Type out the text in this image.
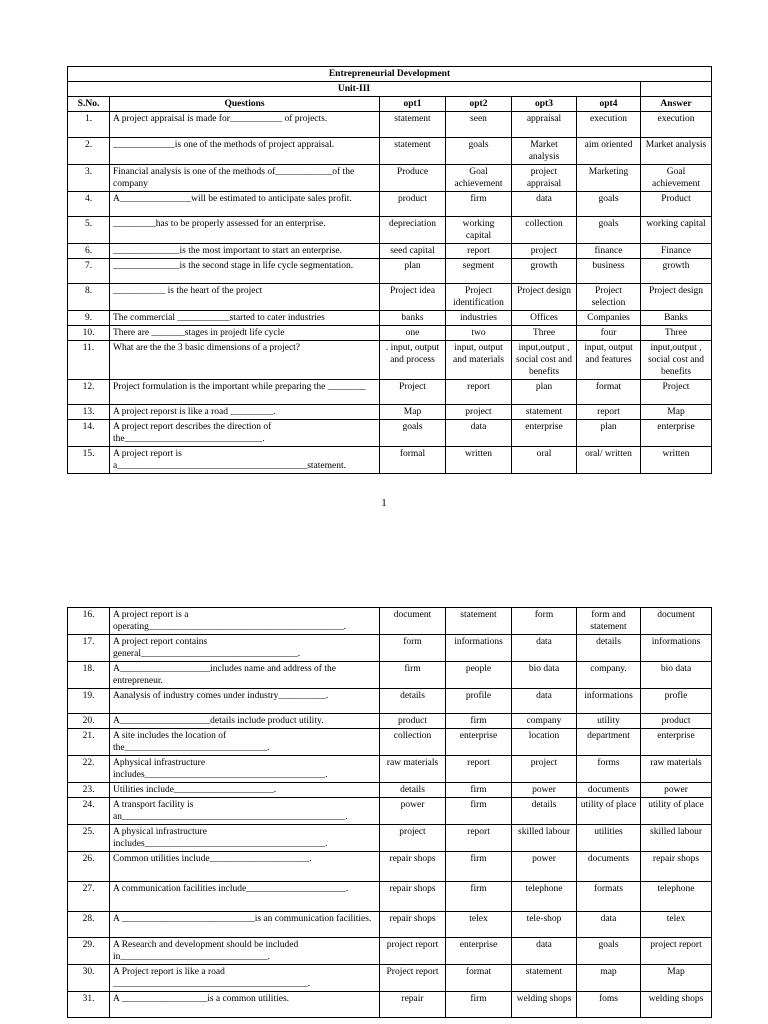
Entrepreneurial Development						
Unit-III						
S.No.	Questions	opt1	opt2	opt3	opt4	Answer
1.	A project appraisal is made for___________ of projects.	statement	seen	appraisal	execution	execution
2.	_____________is one of the methods of project appraisal.	statement	goals	Market analysis	aim oriented	Market analysis
3.	Financial analysis is one of the methods of____________of the company	Produce	Goal achievement	project appraisal	Marketing	Goal achievement
4.	A_______________will be estimated to anticipate sales profit.	product	firm	data	goals	Product
5.	_________has to be properly assessed for an enterprise.	depreciation	working capital	collection	goals	working capital
6.	______________is the most important to start an enterprise.	seed capital	report	project	finance	Finance
7.	______________is the second stage in life cycle segmentation.	plan	segment	growth	business	growth
8.	___________ is the heart of the project	Project idea	Project identification	Project design	Project selection	Project design
9.	The commercial ___________started to cater industries	banks	industries	Offices	Companies	Banks
10.	There are _______stages in projedt life cycle	one	two	Three	four	Three
11.	What are the the 3 basic dimensions of a project?	. input, output and process	input, output and materials	input,output , social cost and benefits	input, output and features	input,output , social cost and benefits
12.	Project formulation is the important while preparing the ________	Project	report	plan	format	Project
13.	A project reporst is like a road _________.	Map	project	statement	report	Map
14.	A project report describes the direction of the_____________________________.	goals	data	enterprise	plan	enterprise
15.	A project report is a________________________________________statement.	formal	written	oral	oral/ written	written
1
16.	A project report is a operating_________________________________________.	document	statement	form	form and statement	document
17.	A project report contains general_________________________________.	form	informations	data	details	informations
18.	A___________________includes name and address of the entrepreneur.	firm	people	bio data	company.	bio data
19.	Aanalysis of industry comes under industry__________.	details	profile	data	informations	profle
20.	A___________________details include product utility.	product	firm	company	utility	product
21.	A site includes the location of the______________________________.	collection	enterprise	location	department	enterprise
22.	Aphysical infrastructure includes______________________________________.	raw materials	report	project	forms	raw materials
23.	Utilities include_____________________.	details	firm	power	documents	power
24.	A transport facility is an_______________________________________________.	power	firm	details	utility of place	utility of place
25.	A physical infrastructure includes______________________________________.	project	report	skilled labour	utilities	skilled labour
26.	Common utilities include_____________________.	repair shops	firm	power	documents	repair shops
27.	A communication facilities include_____________________.	repair shops	firm	telephone	formats	telephone
28.	A ____________________________is an communication facilities.	repair shops	telex	tele-shop	data	telex
29.	A Research and development should be included in_______________________________.	project report	enterprise	data	goals	project report
30.	A Project report is like a road _________________________________________.	Project report	format	statement	map	Map
31.	A __________________is a common utilities.	repair	firm	welding shops	foms	welding shops
